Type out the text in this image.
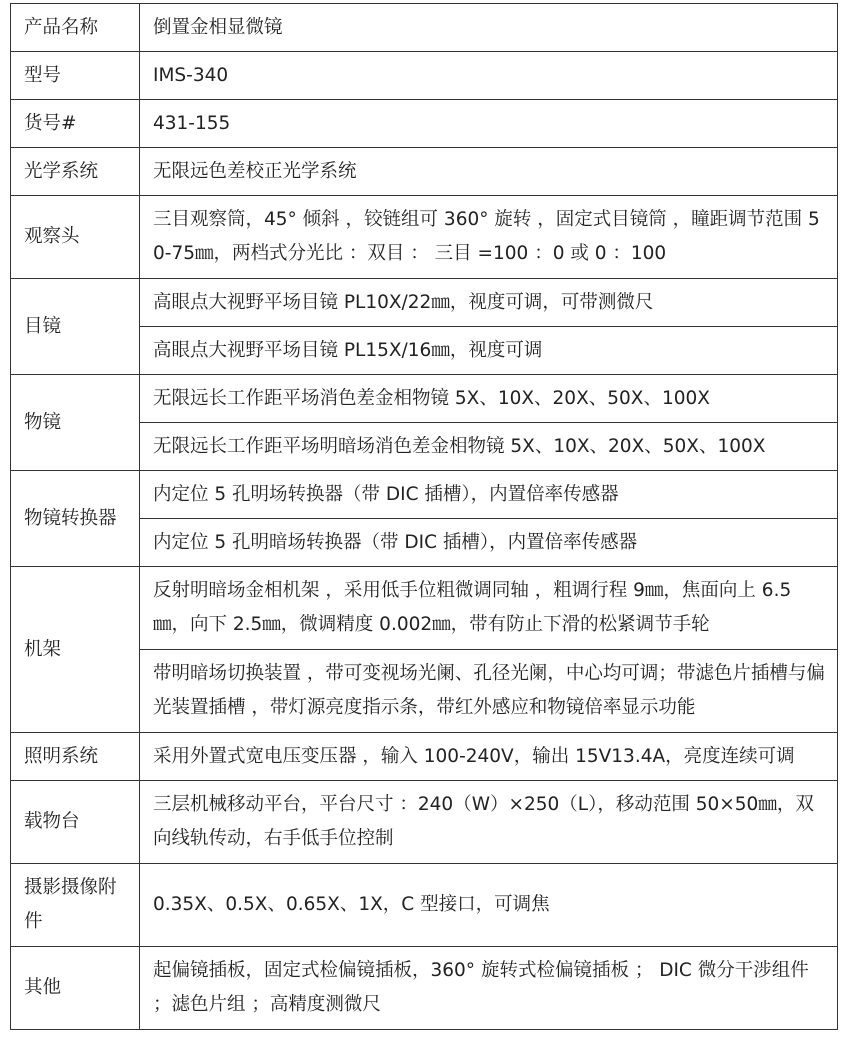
产品名称	倒置金相显微镜
型号	IMS-340
货号#	431-155
光学系统	无限远色差校正光学系统
观察头	三目观察筒，45° 倾斜 ，铰链组可 360° 旋转 ，固定式目镜筒 ，瞳距调节范围 50-75㎜，两档式分光比 ：双目 ： 三目 =100 ：0 或 0 ：100
目镜	高眼点大视野平场目镜 PL10X/22㎜，视度可调，可带测微尺
	高眼点大视野平场目镜 PL15X/16㎜，视度可调
物镜	无限远长工作距平场消色差金相物镜 5X、10X、20X、50X、100X
	无限远长工作距平场明暗场消色差金相物镜 5X、10X、20X、50X、100X
物镜转换器	内定位 5 孔明场转换器（带 DIC 插槽），内置倍率传感器
	内定位 5 孔明暗场转换器（带 DIC 插槽），内置倍率传感器
机架	反射明暗场金相机架 ，采用低手位粗微调同轴 ，粗调行程 9㎜，焦面向上 6.5㎜，向下 2.5㎜，微调精度 0.002㎜，带有防止下滑的松紧调节手轮
	带明暗场切换装置 ，带可变视场光阑、孔径光阑，中心均可调；带滤色片插槽与偏光装置插槽 ，带灯源亮度指示条，带红外感应和物镜倍率显示功能
照明系统	采用外置式宽电压变压器 ，输入 100-240V，输出 15V13.4A，亮度连续可调
载物台	三层机械移动平台，平台尺寸 ：240（W）×250（L），移动范围 50×50㎜，双向线轨传动，右手低手位控制
摄影摄像附件	0.35X、0.5X、0.65X、1X，C 型接口，可调焦
其他	起偏镜插板，固定式检偏镜插板，360° 旋转式检偏镜插板 ； DIC 微分干涉组件 ；滤色片组 ；高精度测微尺
